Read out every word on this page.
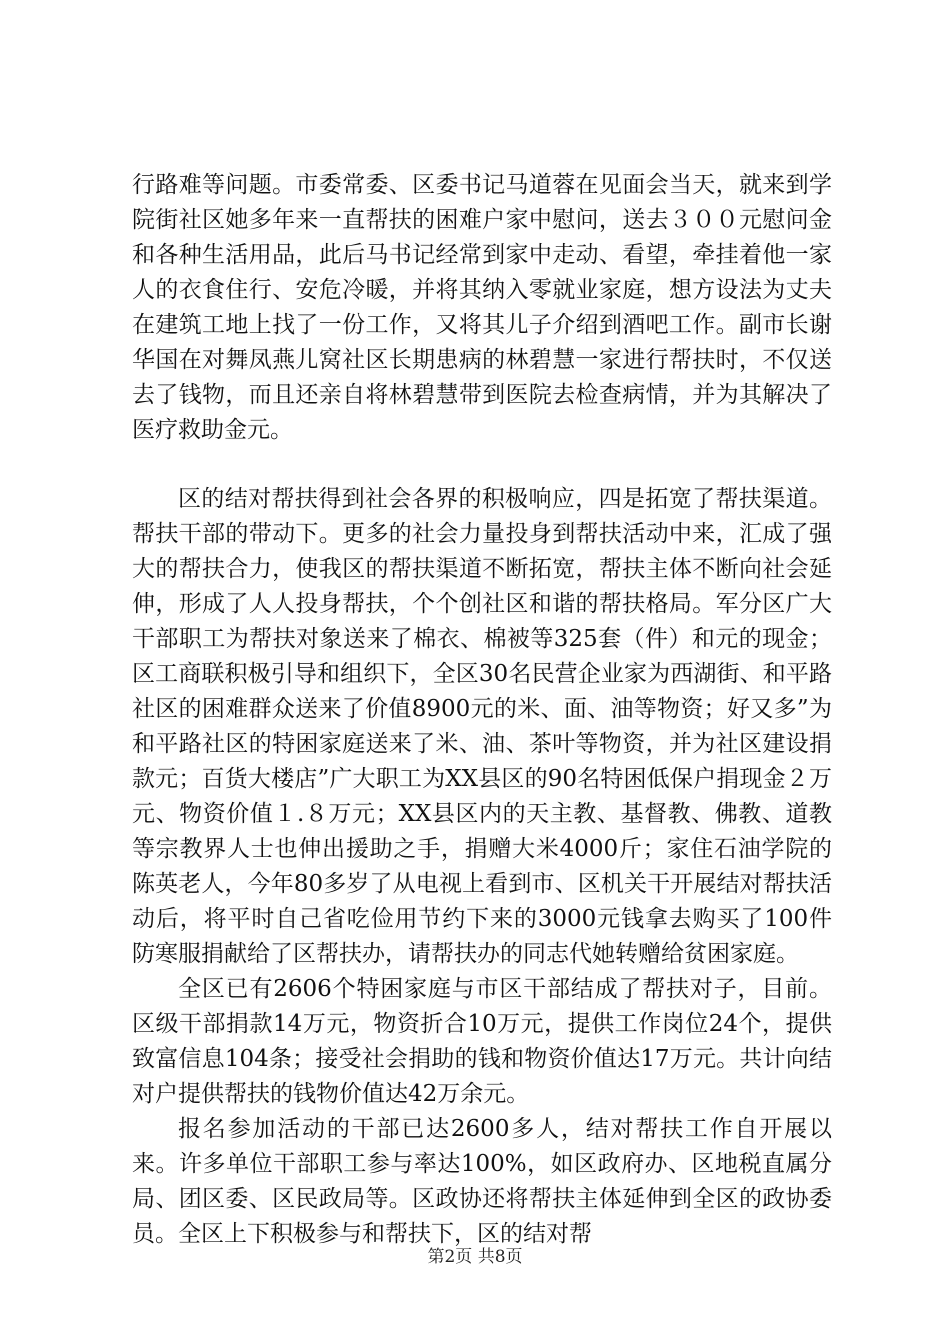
行路难等问题。市委常委、区委书记马道蓉在见面会当天，就来到学院街社区她多年来一直帮扶的困难户家中慰问，送去３００元慰问金和各种生活用品，此后马书记经常到家中走动、看望，牵挂着他一家人的衣食住行、安危冷暖，并将其纳入零就业家庭，想方设法为丈夫在建筑工地上找了一份工作，又将其儿子介绍到酒吧工作。副市长谢华国在对舞凤燕儿窝社区长期患病的林碧慧一家进行帮扶时，不仅送去了钱物，而且还亲自将林碧慧带到医院去检查病情，并为其解决了医疗救助金元。

区的结对帮扶得到社会各界的积极响应，四是拓宽了帮扶渠道。帮扶干部的带动下。更多的社会力量投身到帮扶活动中来，汇成了强大的帮扶合力，使我区的帮扶渠道不断拓宽，帮扶主体不断向社会延伸，形成了人人投身帮扶，个个创社区和谐的帮扶格局。军分区广大干部职工为帮扶对象送来了棉衣、棉被等325套（件）和元的现金；区工商联积极引导和组织下，全区30名民营企业家为西湖街、和平路社区的困难群众送来了价值8900元的米、面、油等物资；好又多”为和平路社区的特困家庭送来了米、油、茶叶等物资，并为社区建设捐款元；百货大楼店”广大职工为XX县区的90名特困低保户捐现金２万元、物资价值１.８万元；XX县区内的天主教、基督教、佛教、道教等宗教界人士也伸出援助之手，捐赠大米4000斤；家住石油学院的陈英老人，今年80多岁了从电视上看到市、区机关干开展结对帮扶活动后，将平时自己省吃俭用节约下来的3000元钱拿去购买了100件防寒服捐献给了区帮扶办，请帮扶办的同志代她转赠给贫困家庭。

全区已有2606个特困家庭与市区干部结成了帮扶对子，目前。区级干部捐款14万元，物资折合10万元，提供工作岗位24个，提供致富信息104条；接受社会捐助的钱和物资价值达17万元。共计向结对户提供帮扶的钱物价值达42万余元。

报名参加活动的干部已达2600多人，结对帮扶工作自开展以来。许多单位干部职工参与率达100%，如区政府办、区地税直属分局、团区委、区民政局等。区政协还将帮扶主体延伸到全区的政协委员。全区上下积极参与和帮扶下，区的结对帮

第2页 共8页
